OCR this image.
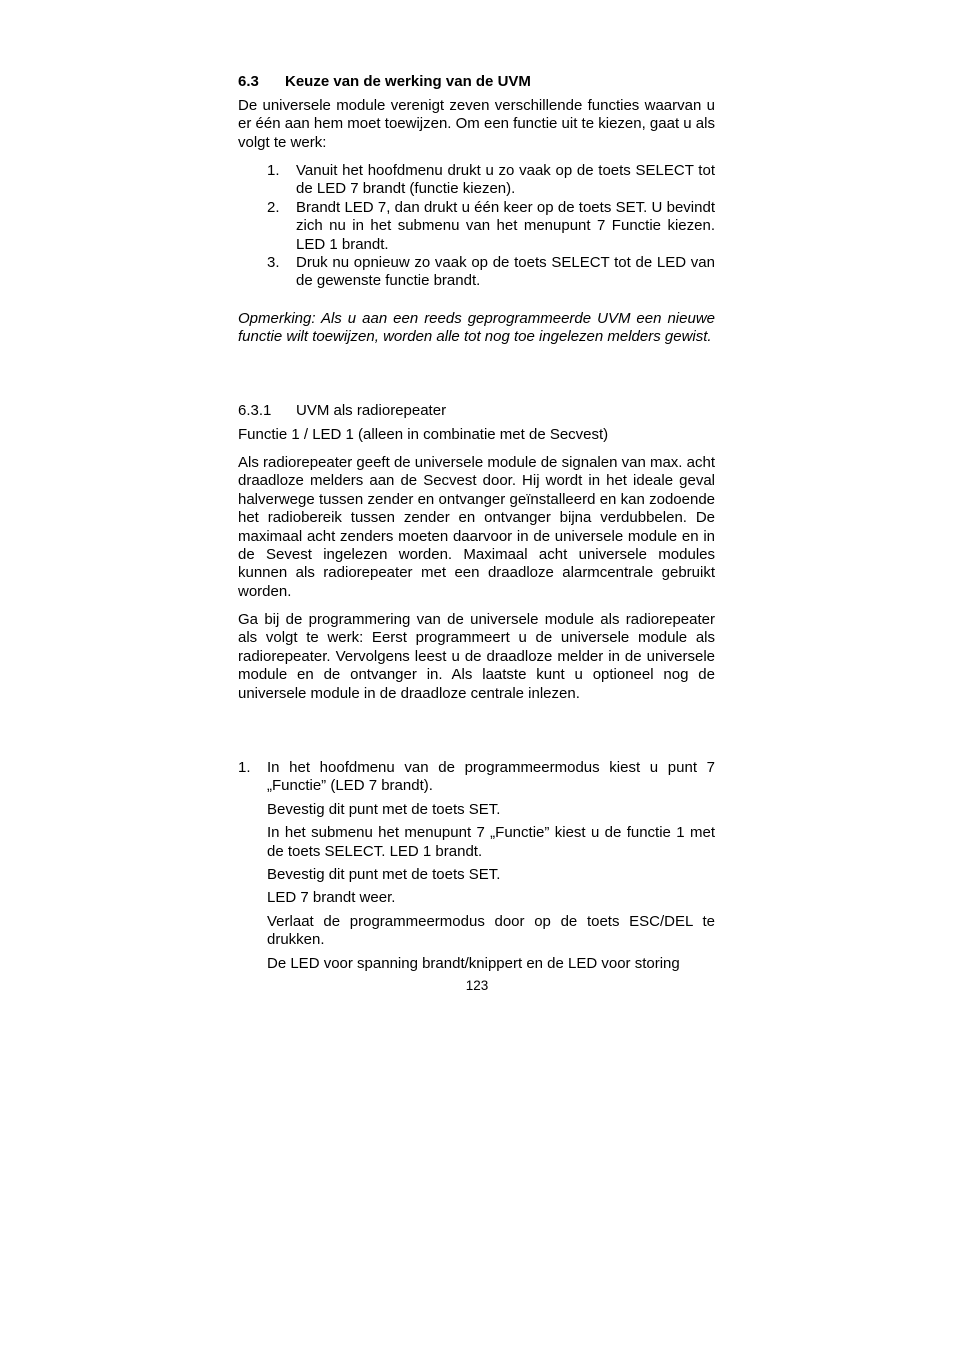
6.3	Keuze van de werking van de UVM

De universele module verenigt zeven verschillende functies waarvan u er één aan hem moet toewijzen. Om een functie uit te kiezen, gaat u als volgt te werk:

1.	Vanuit het hoofdmenu drukt u zo vaak op de toets SELECT tot de LED 7 brandt (functie kiezen).
2.	Brandt LED 7, dan drukt u één keer op de toets SET. U bevindt zich nu in het submenu van het menupunt 7 Functie kiezen. LED 1 brandt.
3.	Druk nu opnieuw zo vaak op de toets SELECT tot de LED van de gewenste functie brandt.

Opmerking: Als u aan een reeds geprogrammeerde UVM een nieuwe functie wilt toewijzen, worden alle tot nog toe ingelezen melders gewist.

6.3.1	UVM als radiorepeater

Functie 1 / LED 1 (alleen in combinatie met de Secvest)

Als radiorepeater geeft de universele module de signalen van max. acht draadloze melders aan de Secvest door. Hij wordt in het ideale geval halverwege tussen zender en ontvanger geïnstalleerd en kan zodoende het radiobereik tussen zender en ontvanger bijna verdubbelen. De maximaal acht zenders moeten daarvoor in de universele module en in de Sevest ingelezen worden. Maximaal acht universele modules kunnen als radiorepeater met een draadloze alarmcentrale gebruikt worden.

Ga bij de programmering van de universele module als radiorepeater als volgt te werk: Eerst programmeert u de universele module als radiorepeater. Vervolgens leest u de draadloze melder in de universele module en de ontvanger in. Als laatste kunt u optioneel nog de universele module in de draadloze centrale inlezen.

1.	In het hoofdmenu van de programmeermodus kiest u punt 7 „Functie” (LED 7 brandt).

Bevestig dit punt met de toets SET.

In het submenu het menupunt 7 „Functie” kiest u de functie 1 met de toets SELECT. LED 1 brandt.

Bevestig dit punt met de toets SET.

LED 7 brandt weer.

Verlaat de programmeermodus door op de toets ESC/DEL te drukken.

De LED voor spanning brandt/knippert en de LED voor storing

123
